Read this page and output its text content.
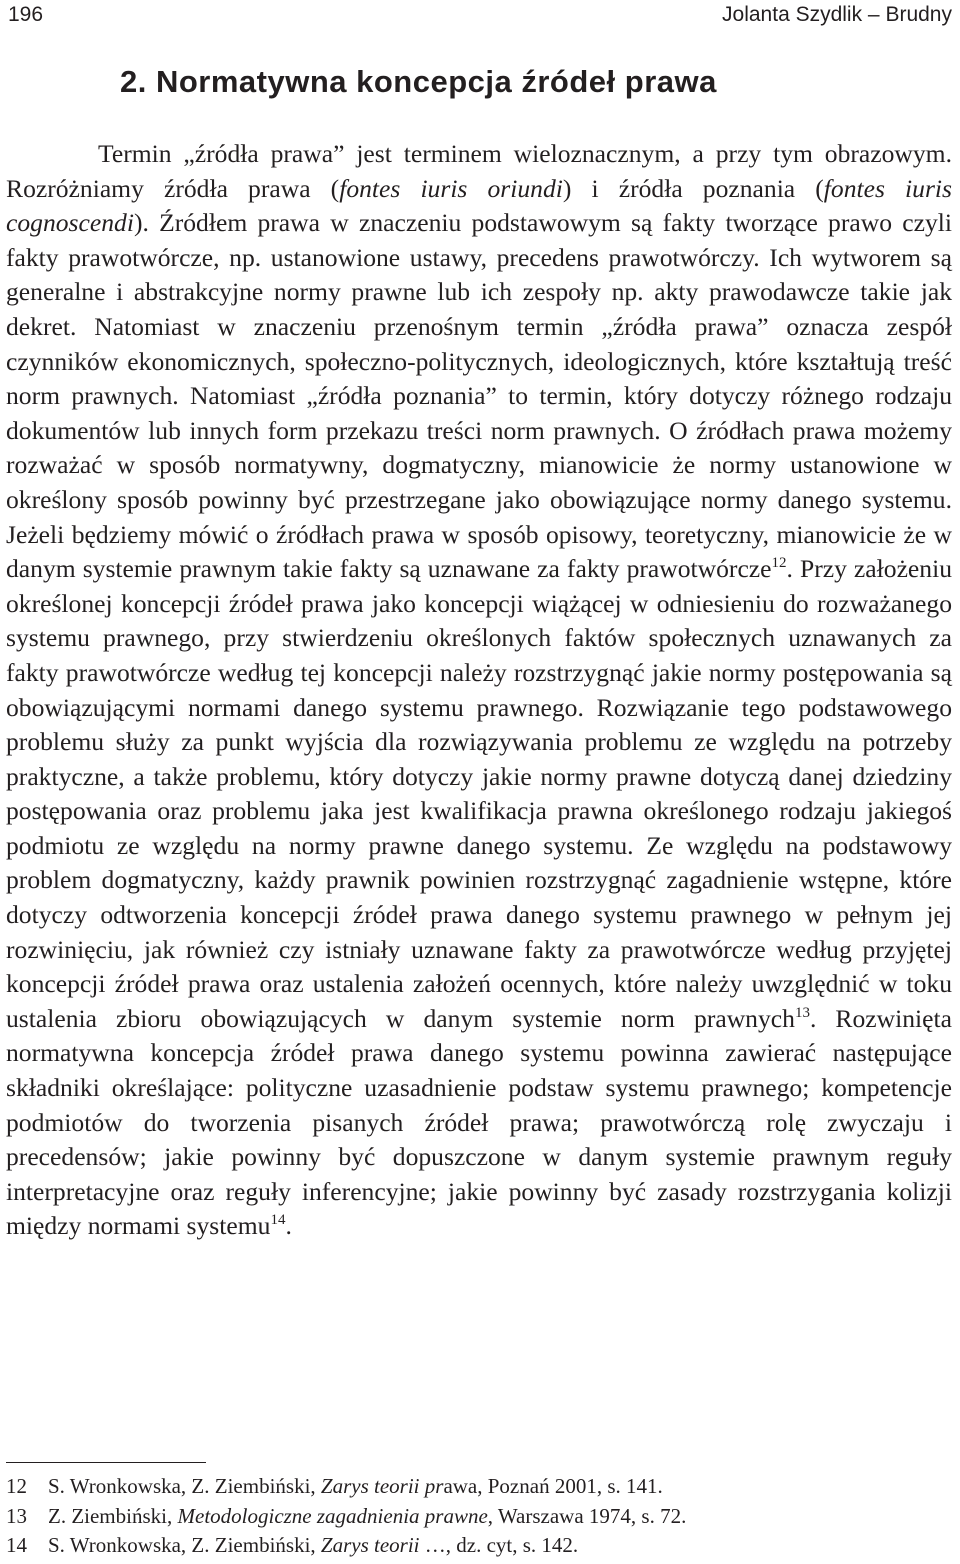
196	Jolanta Szydlik – Brudny
2. Normatywna koncepcja źródeł prawa

Termin „źródła prawa” jest terminem wieloznacznym, a przy tym obrazowym. Rozróżniamy źródła prawa (fontes iuris oriundi) i źródła poznania (fontes iuris cognoscendi). Źródłem prawa w znaczeniu podstawowym są fakty tworzące prawo czyli fakty prawotwórcze, np. ustanowione ustawy, precedens prawotwórczy. Ich wytworem są generalne i abstrakcyjne normy prawne lub ich zespoły np. akty prawodawcze takie jak dekret. Natomiast w znaczeniu przenośnym termin „źródła prawa” oznacza zespół czynników ekonomicznych, społeczno-politycznych, ideologicznych, które kształtują treść norm prawnych. Natomiast „źródła poznania” to termin, który dotyczy różnego rodzaju dokumentów lub innych form przekazu treści norm prawnych. O źródłach prawa możemy rozważać w sposób normatywny, dogmatyczny, mianowicie że normy ustanowione w określony sposób powinny być przestrzegane jako obowiązujące normy danego systemu. Jeżeli będziemy mówić o źródłach prawa w sposób opisowy, teoretyczny, mianowicie że w danym systemie prawnym takie fakty są uznawane za fakty prawotwórcze$^{12}$. Przy założeniu określonej koncepcji źródeł prawa jako koncepcji wiążącej w odniesieniu do rozważanego systemu prawnego, przy stwierdzeniu określonych faktów społecznych uznawanych za fakty prawotwórcze według tej koncepcji należy rozstrzygnąć jakie normy postępowania są obowiązującymi normami danego systemu prawnego. Rozwiązanie tego podstawowego problemu służy za punkt wyjścia dla rozwiązywania problemu ze względu na potrzeby praktyczne, a także problemu, który dotyczy jakie normy prawne dotyczą danej dziedziny postępowania oraz problemu jaka jest kwalifikacja prawna określonego rodzaju jakiegoś podmiotu ze względu na normy prawne danego systemu. Ze względu na podstawowy problem dogmatyczny, każdy prawnik powinien rozstrzygnąć zagadnienie wstępne, które dotyczy odtworzenia koncepcji źródeł prawa danego systemu prawnego w pełnym jej rozwinięciu, jak również czy istniały uznawane fakty za prawotwórcze według przyjętej koncepcji źródeł prawa oraz ustalenia założeń ocennych, które należy uwzględnić w toku ustalenia zbioru obowiązujących w danym systemie norm prawnych$^{13}$. Rozwinięta normatywna koncepcja źródeł prawa danego systemu powinna zawierać następujące składniki określające: polityczne uzasadnienie podstaw systemu prawnego; kompetencje podmiotów do tworzenia pisanych źródeł prawa; prawotwórczą rolę zwyczaju i precedensów; jakie powinny być dopuszczone w danym systemie prawnym reguły interpretacyjne oraz reguły inferencyjne; jakie powinny być zasady rozstrzygania kolizji między normami systemu$^{14}$.

12 S. Wronkowska, Z. Ziembiński, Zarys teorii prawa, Poznań 2001, s. 141.
13 Z. Ziembiński, Metodologiczne zagadnienia prawne, Warszawa 1974, s. 72.
14 S. Wronkowska, Z. Ziembiński, Zarys teorii …, dz. cyt, s. 142.
